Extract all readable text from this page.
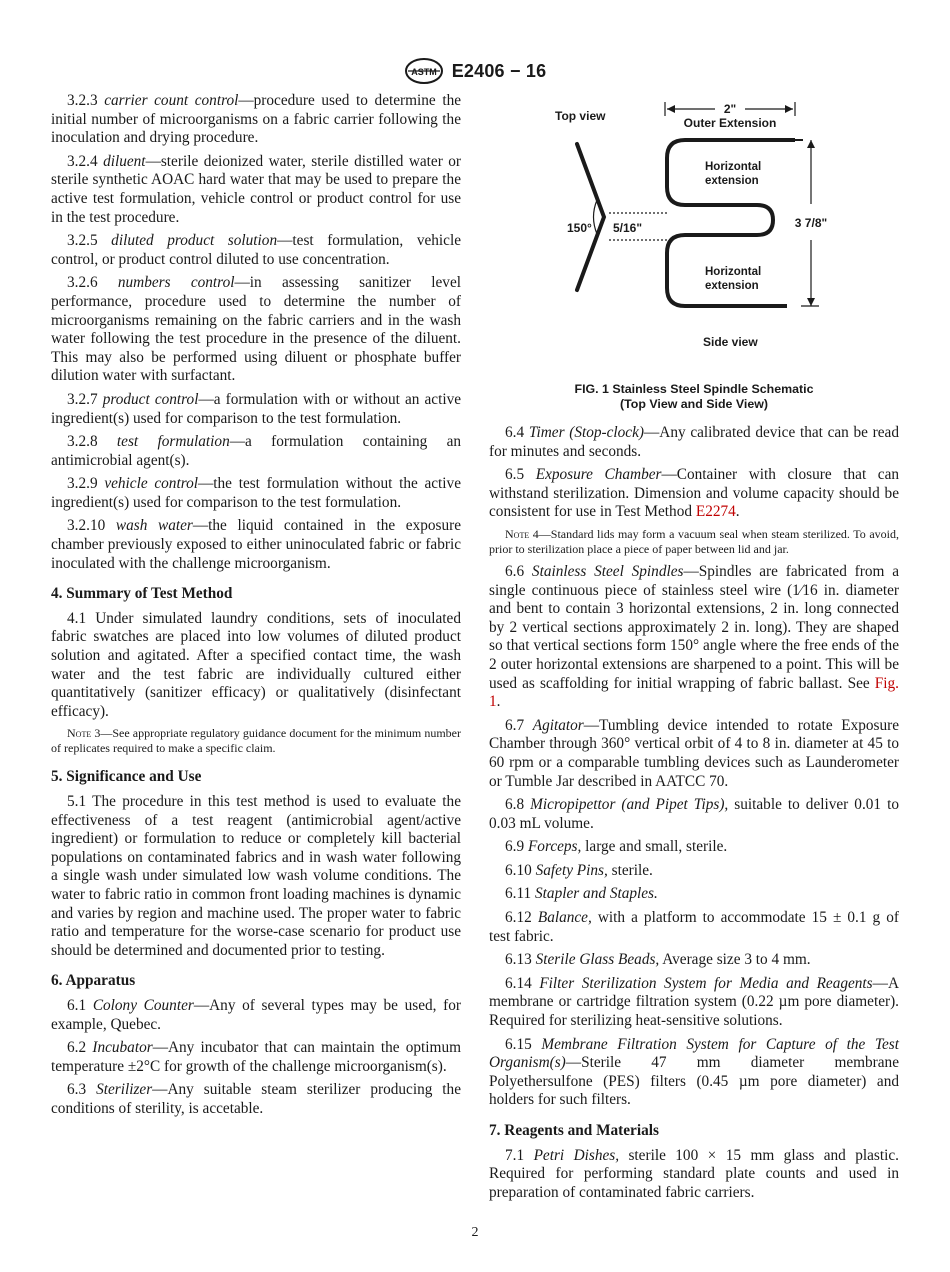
ASTM E2406 − 16

3.2.3 carrier count control—procedure used to determine the initial number of microorganisms on a fabric carrier following the inoculation and drying procedure.

3.2.4 diluent—sterile deionized water, sterile distilled water or sterile synthetic AOAC hard water that may be used to prepare the active test formulation, vehicle control or product control for use in the test procedure.

3.2.5 diluted product solution—test formulation, vehicle control, or product control diluted to use concentration.

3.2.6 numbers control—in assessing sanitizer level performance, procedure used to determine the number of microorganisms remaining on the fabric carriers and in the wash water following the test procedure in the presence of the diluent. This may also be performed using diluent or phosphate buffer dilution water with surfactant.

3.2.7 product control—a formulation with or without an active ingredient(s) used for comparison to the test formulation.

3.2.8 test formulation—a formulation containing an antimicrobial agent(s).

3.2.9 vehicle control—the test formulation without the active ingredient(s) used for comparison to the test formulation.

3.2.10 wash water—the liquid contained in the exposure chamber previously exposed to either uninoculated fabric or fabric inoculated with the challenge microorganism.

4. Summary of Test Method

4.1 Under simulated laundry conditions, sets of inoculated fabric swatches are placed into low volumes of diluted product solution and agitated. After a specified contact time, the wash water and the test fabric are individually cultured either quantitatively (sanitizer efficacy) or qualitatively (disinfectant efficacy).

Note 3—See appropriate regulatory guidance document for the minimum number of replicates required to make a specific claim.

5. Significance and Use

5.1 The procedure in this test method is used to evaluate the effectiveness of a test reagent (antimicrobial agent/active ingredient) or formulation to reduce or completely kill bacterial populations on contaminated fabrics and in wash water following a single wash under simulated low wash volume conditions. The water to fabric ratio in common front loading machines is dynamic and varies by region and machine used. The proper water to fabric ratio and temperature for the worse-case scenario for product use should be determined and documented prior to testing.

6. Apparatus

6.1 Colony Counter—Any of several types may be used, for example, Quebec.

6.2 Incubator—Any incubator that can maintain the optimum temperature ±2°C for growth of the challenge microorganism(s).

6.3 Sterilizer—Any suitable steam sterilizer producing the conditions of sterility, is accetable.

Top view
150°
2"
Outer Extension
Horizontal
extension
Horizontal
extension
5/16"	3 7/8"
Side view
FIG. 1 Stainless Steel Spindle Schematic
(Top View and Side View)

6.4 Timer (Stop-clock)—Any calibrated device that can be read for minutes and seconds.

6.5 Exposure Chamber—Container with closure that can withstand sterilization. Dimension and volume capacity should be consistent for use in Test Method E2274.

Note 4—Standard lids may form a vacuum seal when steam sterilized. To avoid, prior to sterilization place a piece of paper between lid and jar.

6.6 Stainless Steel Spindles—Spindles are fabricated from a single continuous piece of stainless steel wire (1⁄16 in. diameter and bent to contain 3 horizontal extensions, 2 in. long connected by 2 vertical sections approximately 2 in. long). They are shaped so that vertical sections form 150° angle where the free ends of the 2 outer horizontal extensions are sharpened to a point. This will be used as scaffolding for initial wrapping of fabric ballast. See Fig. 1.

6.7 Agitator—Tumbling device intended to rotate Exposure Chamber through 360° vertical orbit of 4 to 8 in. diameter at 45 to 60 rpm or a comparable tumbling devices such as Launderometer or Tumble Jar described in AATCC 70.

6.8 Micropipettor (and Pipet Tips), suitable to deliver 0.01 to 0.03 mL volume.

6.9 Forceps, large and small, sterile.

6.10 Safety Pins, sterile.

6.11 Stapler and Staples.

6.12 Balance, with a platform to accommodate 15 ± 0.1 g of test fabric.

6.13 Sterile Glass Beads, Average size 3 to 4 mm.

6.14 Filter Sterilization System for Media and Reagents—A membrane or cartridge filtration system (0.22 µm pore diameter). Required for sterilizing heat-sensitive solutions.

6.15 Membrane Filtration System for Capture of the Test Organism(s)—Sterile 47 mm diameter membrane Polyethersulfone (PES) filters (0.45 µm pore diameter) and holders for such filters.

7. Reagents and Materials

7.1 Petri Dishes, sterile 100 × 15 mm glass and plastic. Required for performing standard plate counts and used in preparation of contaminated fabric carriers.

2
